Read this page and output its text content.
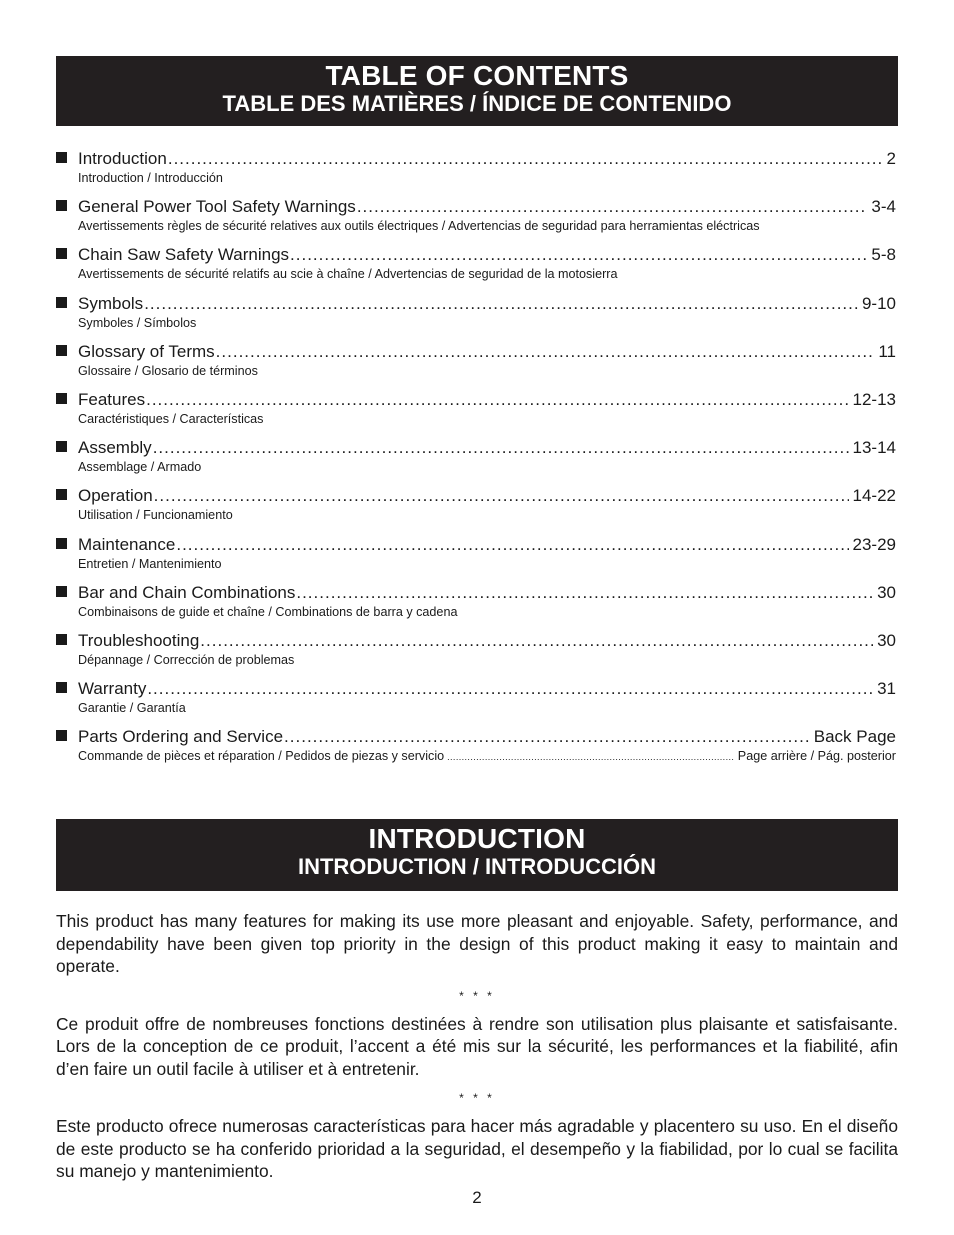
TABLE OF CONTENTS
TABLE DES MATIÈRES / ÍNDICE DE CONTENIDO
Introduction .....	2
Introduction / Introducción
General Power Tool Safety Warnings .....	3-4
Avertissements règles de sécurité relatives aux outils électriques / Advertencias de seguridad para herramientas eléctricas
Chain Saw Safety Warnings .....	5-8
Avertissements de sécurité relatifs au scie à chaîne / Advertencias de seguridad de la motosierra
Symbols .....	9-10
Symboles / Símbolos
Glossary of Terms .....	11
Glossaire / Glosario de términos
Features .....	12-13
Caractéristiques / Características
Assembly .....	13-14
Assemblage / Armado
Operation .....	14-22
Utilisation / Funcionamiento
Maintenance .....	23-29
Entretien / Mantenimiento
Bar and Chain Combinations .....	30
Combinaisons de guide et chaîne / Combinations de barra y cadena
Troubleshooting .....	30
Dépannage / Corrección de problemas
Warranty .....	31
Garantie / Garantía
Parts Ordering and Service .....	Back Page
Commande de pièces et réparation / Pedidos de piezas y servicio .....	Page arrière / Pág. posterior
INTRODUCTION
INTRODUCTION / INTRODUCCIÓN

This product has many features for making its use more pleasant and enjoyable. Safety, performance, and dependability have been given top priority in the design of this product making it easy to maintain and operate.

* * *

Ce produit offre de nombreuses fonctions destinées à rendre son utilisation plus plaisante et satisfaisante. Lors de la conception de ce produit, l’accent a été mis sur la sécurité, les performances et la fiabilité, afin d’en faire un outil facile à utiliser et à entretenir.

* * *

Este producto ofrece numerosas características para hacer más agradable y placentero su uso. En el diseño de este producto se ha conferido prioridad a la seguridad, el desempeño y la fiabilidad, por lo cual se facilita su manejo y mantenimiento.

2
